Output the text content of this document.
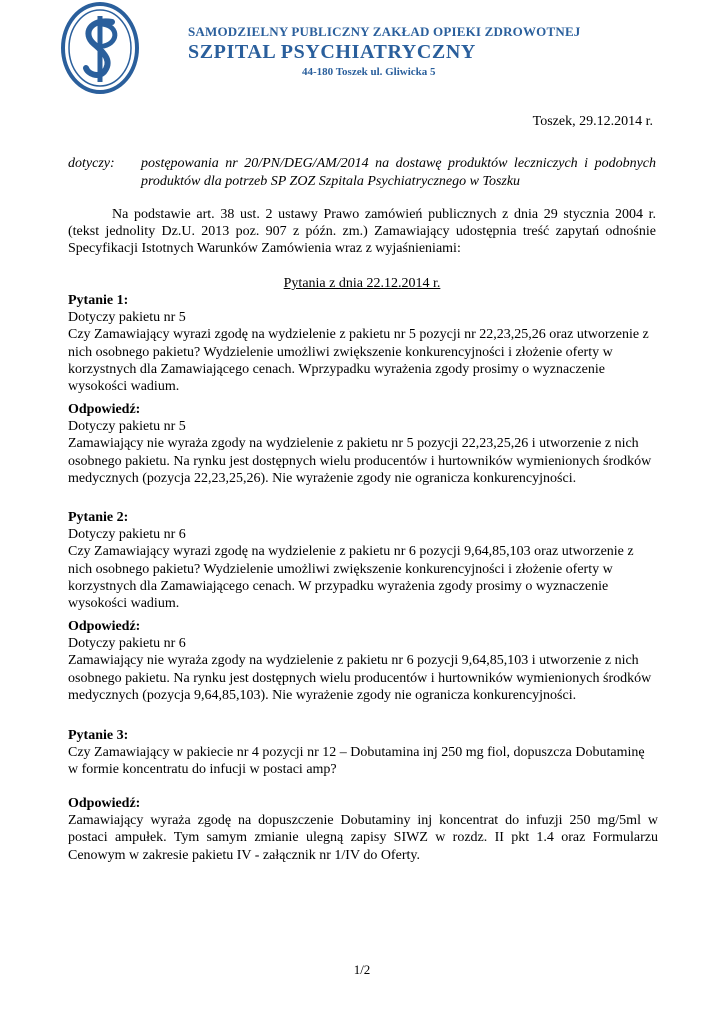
SAMODZIELNY PUBLICZNY ZAKŁAD OPIEKI ZDROWOTNEJ
SZPITAL PSYCHIATRYCZNY
44-180 Toszek ul. Gliwicka 5
Toszek, 29.12.2014 r.
dotyczy: postępowania nr 20/PN/DEG/AM/2014 na dostawę produktów leczniczych i podobnych produktów dla potrzeb SP ZOZ Szpitala Psychiatrycznego w Toszku
Na podstawie art. 38 ust. 2 ustawy Prawo zamówień publicznych z dnia 29 stycznia 2004 r. (tekst jednolity Dz.U. 2013 poz. 907 z późn. zm.) Zamawiający udostępnia treść zapytań odnośnie Specyfikacji Istotnych Warunków Zamówienia wraz z wyjaśnieniami:
Pytania z dnia 22.12.2014 r.

Pytanie 1:

Dotyczy pakietu nr 5

Czy Zamawiający wyrazi zgodę na wydzielenie z pakietu nr 5 pozycji nr 22,23,25,26 oraz utworzenie z nich osobnego pakietu? Wydzielenie umożliwi zwiększenie konkurencyjności i złożenie oferty w korzystnych dla Zamawiającego cenach. Wprzypadku wyrażenia zgody prosimy o wyznaczenie wysokości wadium.

Odpowiedź:

Dotyczy pakietu nr 5

Zamawiający nie wyraża zgody na wydzielenie z pakietu nr 5 pozycji 22,23,25,26 i utworzenie z nich osobnego pakietu. Na rynku jest dostępnych wielu producentów i hurtowników wymienionych środków medycznych (pozycja 22,23,25,26). Nie wyrażenie zgody nie ogranicza konkurencyjności.

Pytanie 2:

Dotyczy pakietu nr 6

Czy Zamawiający wyrazi zgodę na wydzielenie z pakietu nr 6 pozycji 9,64,85,103 oraz utworzenie z nich osobnego pakietu? Wydzielenie umożliwi zwiększenie konkurencyjności i złożenie oferty w korzystnych dla Zamawiającego cenach. W przypadku wyrażenia zgody prosimy o wyznaczenie wysokości wadium.

Odpowiedź:

Dotyczy pakietu nr 6

Zamawiający nie wyraża zgody na wydzielenie z pakietu nr 6 pozycji 9,64,85,103 i utworzenie z nich osobnego pakietu. Na rynku jest dostępnych wielu producentów i hurtowników wymienionych środków medycznych (pozycja 9,64,85,103). Nie wyrażenie zgody nie ogranicza konkurencyjności.

Pytanie 3:

Czy Zamawiający w pakiecie nr 4 pozycji nr 12 – Dobutamina inj 250 mg fiol, dopuszcza Dobutaminę w formie koncentratu do infucji w postaci amp?

Odpowiedź:

Zamawiający wyraża zgodę na dopuszczenie Dobutaminy inj koncentrat do infuzji 250 mg/5ml w postaci ampułek. Tym samym zmianie ulegną zapisy SIWZ w rozdz. II pkt 1.4 oraz Formularzu Cenowym w zakresie pakietu IV - załącznik nr 1/IV do Oferty.

1/2
